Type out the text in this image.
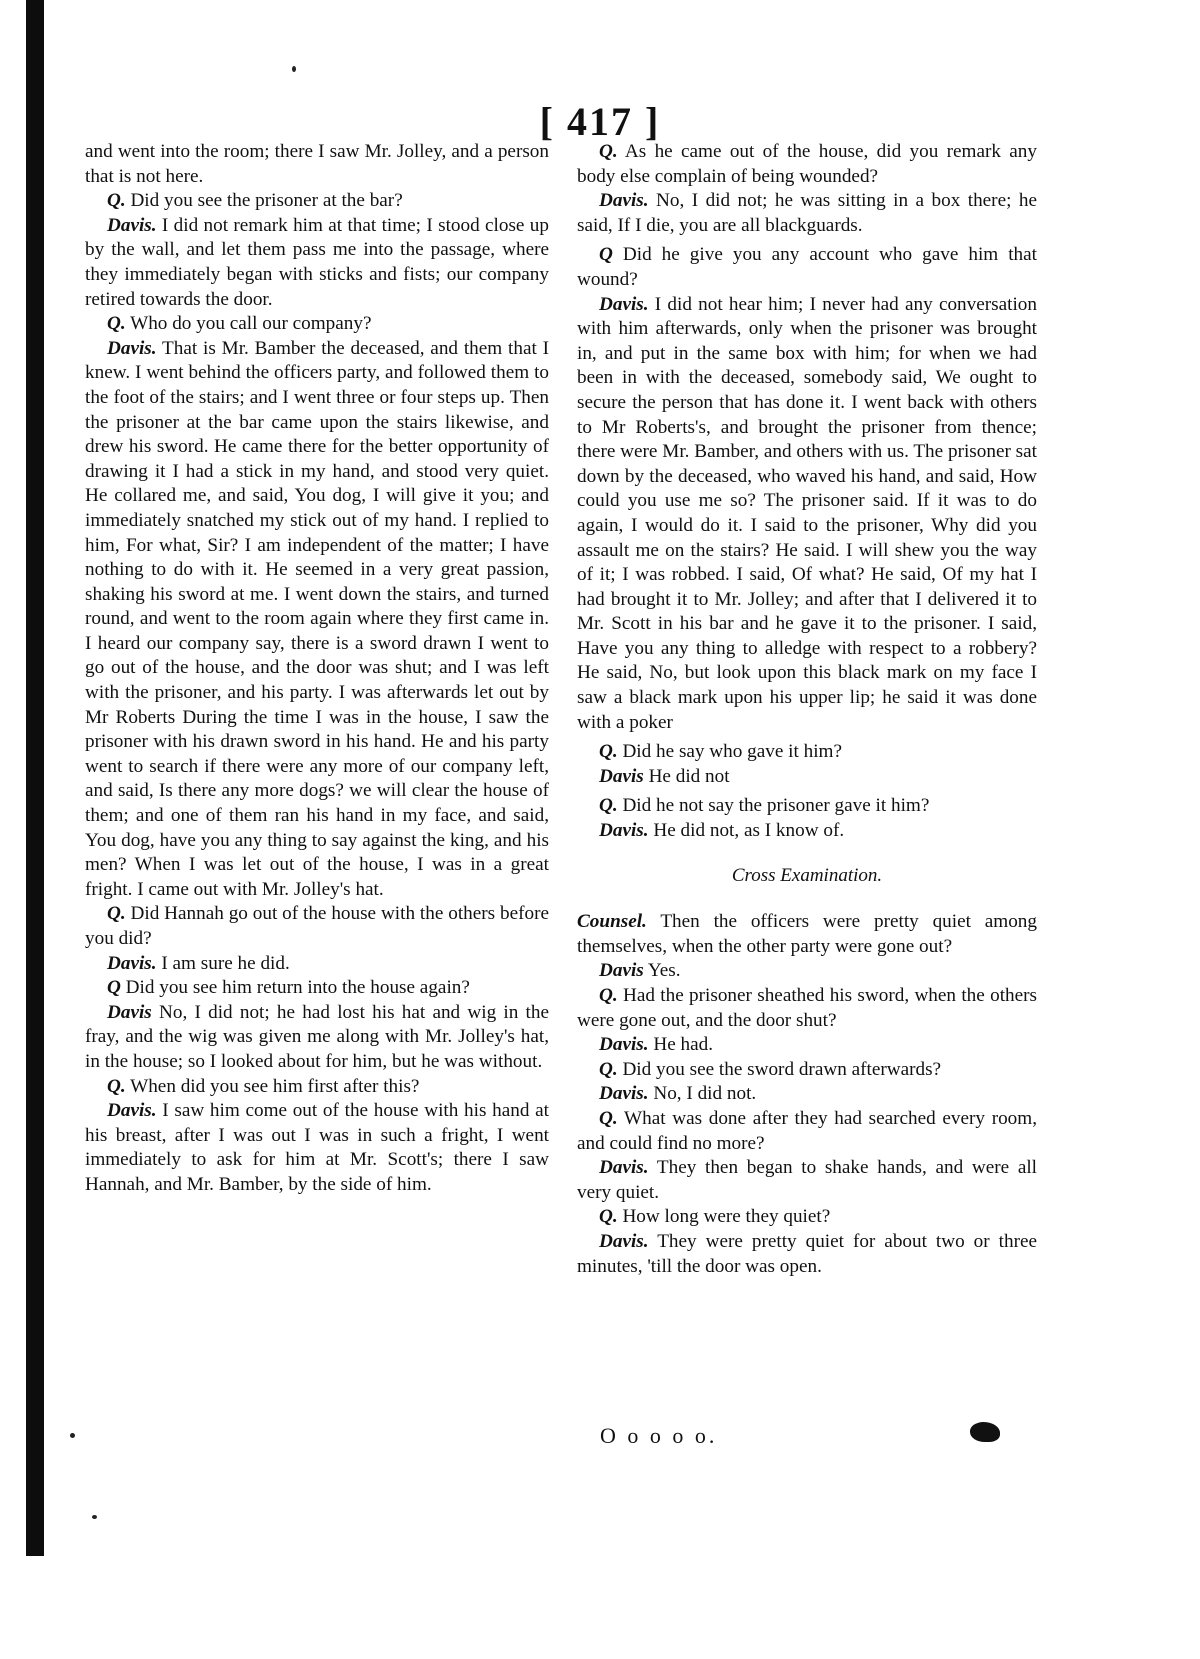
[ 417 ]

and went into the room; there I saw Mr. Jolley, and a person that is not here.

Q. Did you see the prisoner at the bar?

Davis. I did not remark him at that time; I stood close up by the wall, and let them pass me into the passage, where they immediately began with sticks and fists; our company retired towards the door.

Q. Who do you call our company?

Davis. That is Mr. Bamber the deceased, and them that I knew. I went behind the officers party, and followed them to the foot of the stairs; and I went three or four steps up. Then the prisoner at the bar came upon the stairs likewise, and drew his sword. He came there for the better opportunity of drawing it I had a stick in my hand, and stood very quiet. He collared me, and said, You dog, I will give it you; and immediately snatched my stick out of my hand. I replied to him, For what, Sir? I am independent of the matter; I have nothing to do with it. He seemed in a very great passion, shaking his sword at me. I went down the stairs, and turned round, and went to the room again where they first came in. I heard our company say, there is a sword drawn I went to go out of the house, and the door was shut; and I was left with the prisoner, and his party. I was afterwards let out by Mr Roberts During the time I was in the house, I saw the prisoner with his drawn sword in his hand. He and his party went to search if there were any more of our company left, and said, Is there any more dogs? we will clear the house of them; and one of them ran his hand in my face, and said, You dog, have you any thing to say against the king, and his men? When I was let out of the house, I was in a great fright. I came out with Mr. Jolley's hat.

Q. Did Hannah go out of the house with the others before you did?

Davis. I am sure he did.

Q Did you see him return into the house again?

Davis No, I did not; he had lost his hat and wig in the fray, and the wig was given me along with Mr. Jolley's hat, in the house; so I looked about for him, but he was without.

Q. When did you see him first after this?

Davis. I saw him come out of the house with his hand at his breast, after I was out I was in such a fright, I went immediately to ask for him at Mr. Scott's; there I saw Hannah, and Mr. Bamber, by the side of him.

Q. As he came out of the house, did you remark any body else complain of being wounded?

Davis. No, I did not; he was sitting in a box there; he said, If I die, you are all blackguards.

Q Did he give you any account who gave him that wound?

Davis. I did not hear him; I never had any conversation with him afterwards, only when the prisoner was brought in, and put in the same box with him; for when we had been in with the deceased, somebody said, We ought to secure the person that has done it. I went back with others to Mr Roberts's, and brought the prisoner from thence; there were Mr. Bamber, and others with us. The prisoner sat down by the deceased, who waved his hand, and said, How could you use me so? The prisoner said. If it was to do again, I would do it. I said to the prisoner, Why did you assault me on the stairs? He said. I will shew you the way of it; I was robbed. I said, Of what? He said, Of my hat I had brought it to Mr. Jolley; and after that I delivered it to Mr. Scott in his bar and he gave it to the prisoner. I said, Have you any thing to alledge with respect to a robbery? He said, No, but look upon this black mark on my face I saw a black mark upon his upper lip; he said it was done with a poker

Q. Did he say who gave it him?

Davis He did not

Q. Did he not say the prisoner gave it him?

Davis. He did not, as I know of.

Cross Examination.

Counsel. Then the officers were pretty quiet among themselves, when the other party were gone out?

Davis Yes.

Q. Had the prisoner sheathed his sword, when the others were gone out, and the door shut?

Davis. He had.

Q. Did you see the sword drawn afterwards?

Davis. No, I did not.

Q. What was done after they had searched every room, and could find no more?

Davis. They then began to shake hands, and were all very quiet.

Q. How long were they quiet?

Davis. They were pretty quiet for about two or three minutes, 'till the door was open.

O o o o o.
